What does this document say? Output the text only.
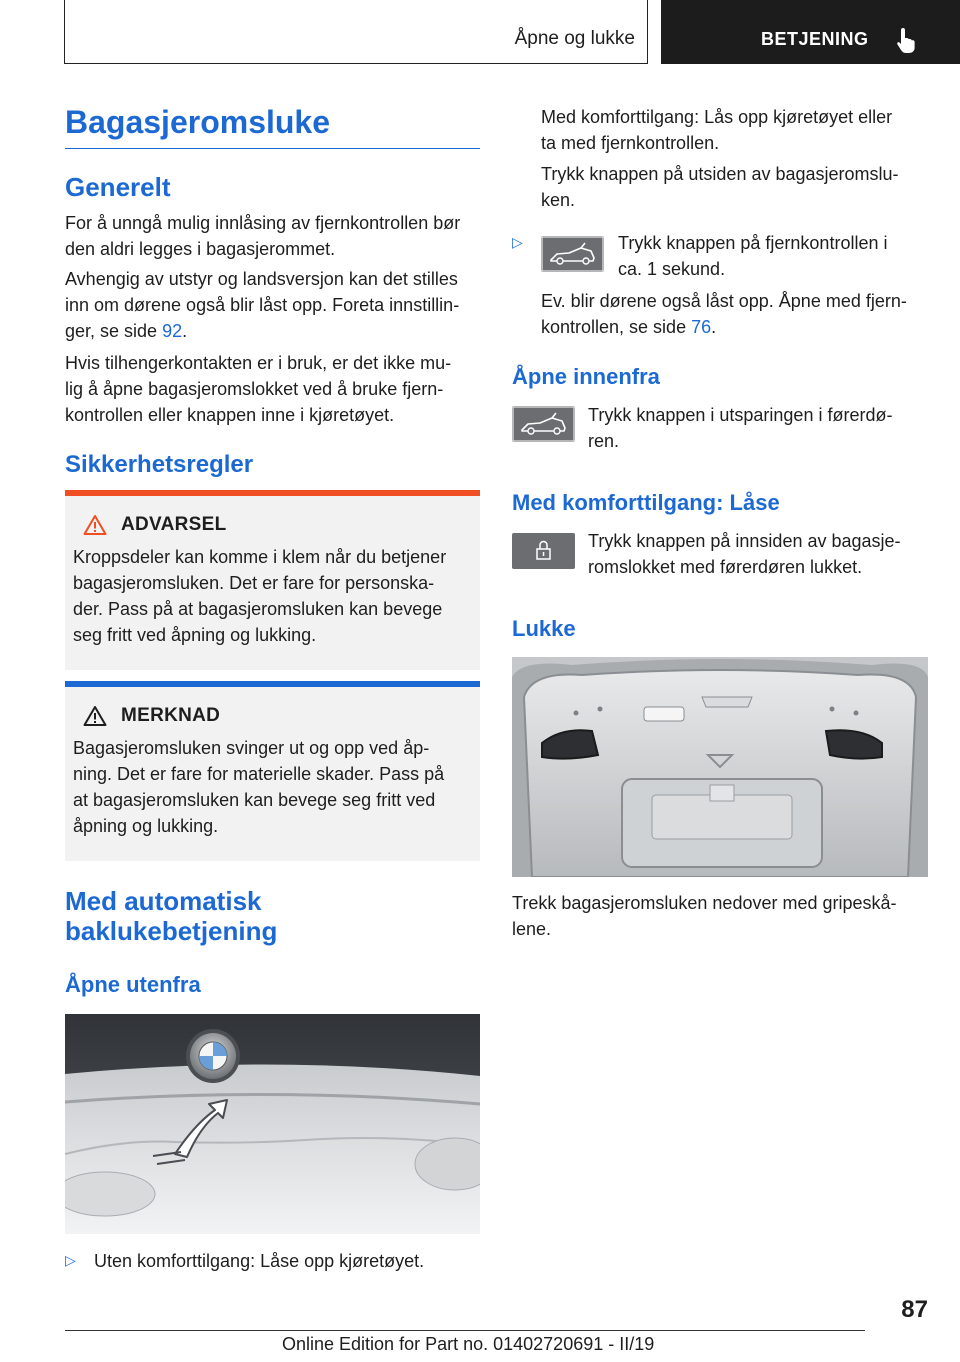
Åpne og lukke	BETJENING
Bagasjeromsluke
Generelt

For å unngå mulig innlåsing av fjernkontrollen bør

den aldri legges i bagasjerommet.

Avhengig av utstyr og landsversjon kan det stilles

inn om dørene også blir låst opp. Foreta innstillin‐

ger, se side 92.

Hvis tilhengerkontakten er i bruk, er det ikke mu‐

lig å åpne bagasjeromslokket ved å bruke fjern‐

kontrollen eller knappen inne i kjøretøyet.

Sikkerhetsregler
ADVARSEL

Kroppsdeler kan komme i klem når du betjener

bagasjeromsluken. Det er fare for personska‐

der. Pass på at bagasjeromsluken kan bevege

seg fritt ved åpning og lukking.

MERKNAD

Bagasjeromsluken svinger ut og opp ved åp‐

ning. Det er fare for materielle skader. Pass på

at bagasjeromsluken kan bevege seg fritt ved

åpning og lukking.

Med automatisk
baklukebetjening
Åpne utenfra
▷ Uten komforttilgang: Låse opp kjøretøyet.

Med komforttilgang: Lås opp kjøretøyet eller

ta med fjernkontrollen.

Trykk knappen på utsiden av bagasjeromslu‐

ken.

▷	Trykk knappen på fjernkontrollen i

ca. 1 sekund.

Ev. blir dørene også låst opp. Åpne med fjern‐

kontrollen, se side 76.

Åpne innenfra

Trykk knappen i utsparingen i førerdø‐

ren.

Med komforttilgang: Låse

Trykk knappen på innsiden av bagasje‐

romslokket med førerdøren lukket.

Lukke

Trekk bagasjeromsluken nedover med gripeskå‐

lene.

87
Online Edition for Part no. 01402720691 - II/19
